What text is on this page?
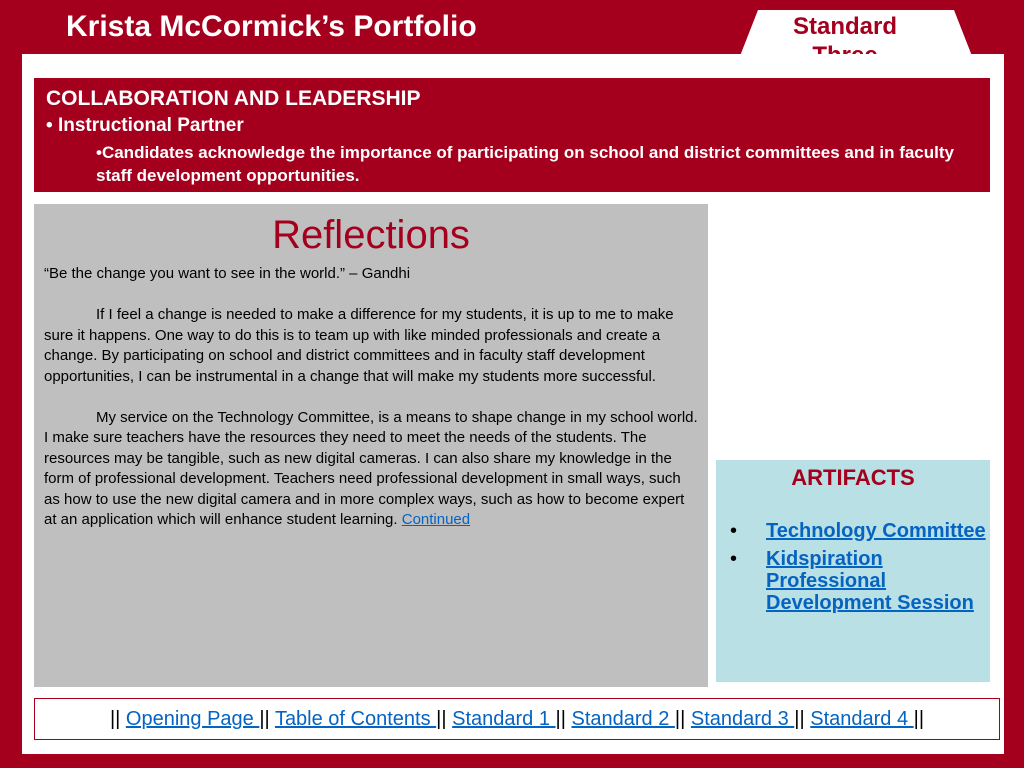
Krista McCormick’s Portfolio	Standard

COLLABORATION AND LEADERSHIP
• Instructional Partner
•Candidates acknowledge the importance of participating on school and district committees and in faculty staff development opportunities.
Reflections

“Be the change you want to see in the world.” – Gandhi

If I feel a change is needed to make a difference for my students, it is up to me to make sure it happens. One way to do this is to team up with like minded professionals and create a change. By participating on school and district committees and in faculty staff development opportunities, I can be instrumental in a change that will make my students more successful.

My service on the Technology Committee, is a means to shape change in my school world. I make sure teachers have the resources they need to meet the needs of the students. The resources may be tangible, such as new digital cameras. I can also share my knowledge in the form of professional development. Teachers need professional development in small ways, such as how to use the new digital camera and in more complex ways, such as how to become expert at an application which will enhance student learning. Continued

ARTIFACTS
• Technology Committee
• Kidspiration Professional Development Session
|| Opening Page || Table of Contents || Standard 1 || Standard 2 || Standard 3 || Standard 4 ||
